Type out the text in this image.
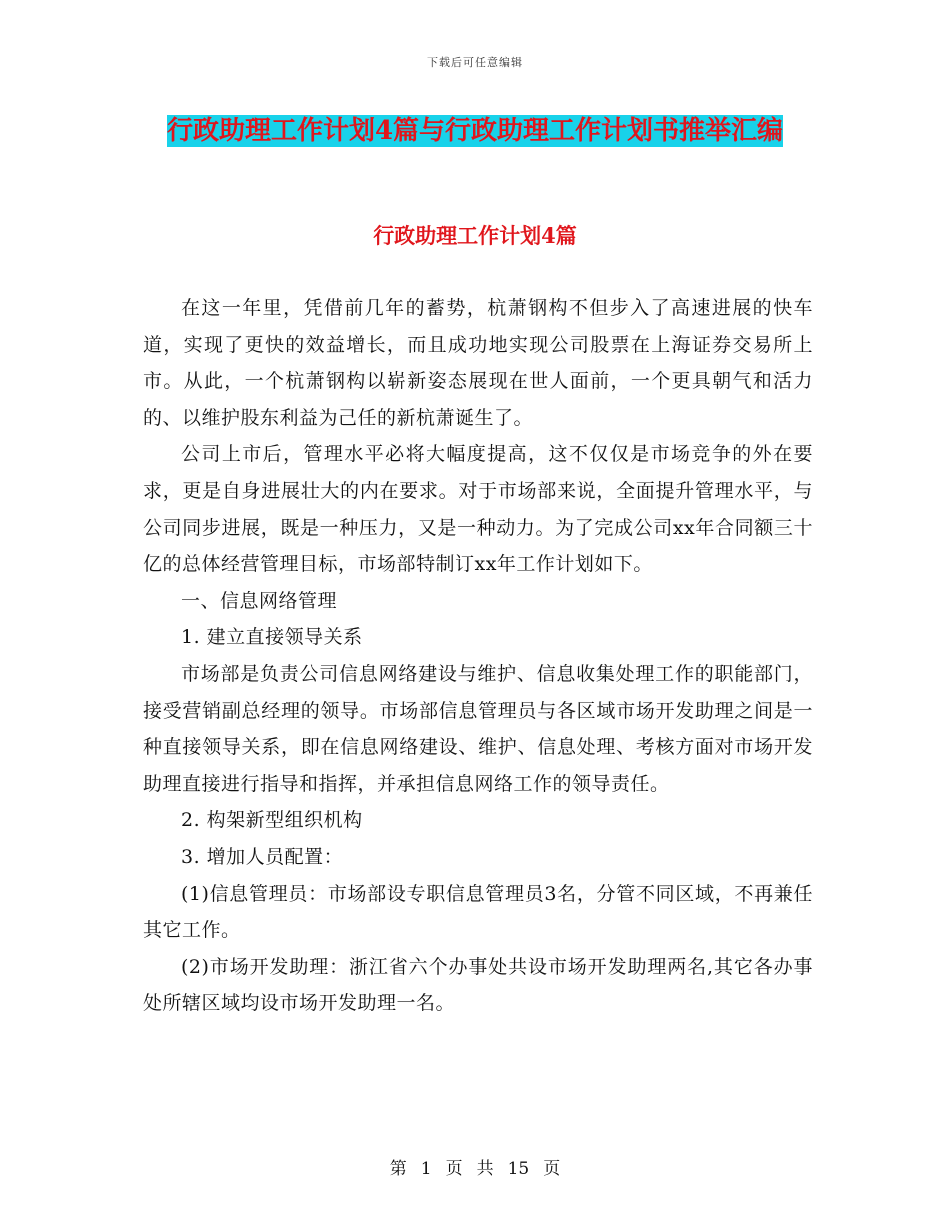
下载后可任意编辑
行政助理工作计划4篇与行政助理工作计划书推举汇编
行政助理工作计划4篇

在这一年里，凭借前几年的蓄势，杭萧钢构不但步入了高速进展的快车道，实现了更快的效益增长，而且成功地实现公司股票在上海证券交易所上市。从此，一个杭萧钢构以崭新姿态展现在世人面前，一个更具朝气和活力的、以维护股东利益为己任的新杭萧诞生了。

公司上市后，管理水平必将大幅度提高，这不仅仅是市场竞争的外在要求，更是自身进展壮大的内在要求。对于市场部来说，全面提升管理水平，与公司同步进展，既是一种压力，又是一种动力。为了完成公司xx年合同额三十亿的总体经营管理目标，市场部特制订xx年工作计划如下。

一、信息网络管理

1. 建立直接领导关系

市场部是负责公司信息网络建设与维护、信息收集处理工作的职能部门，接受营销副总经理的领导。市场部信息管理员与各区域市场开发助理之间是一种直接领导关系，即在信息网络建设、维护、信息处理、考核方面对市场开发助理直接进行指导和指挥，并承担信息网络工作的领导责任。

2. 构架新型组织机构

3. 增加人员配置：

(1)信息管理员：市场部设专职信息管理员3名，分管不同区域，不再兼任其它工作。

(2)市场开发助理：浙江省六个办事处共设市场开发助理两名,其它各办事处所辖区域均设市场开发助理一名。

第 1 页 共 15 页
